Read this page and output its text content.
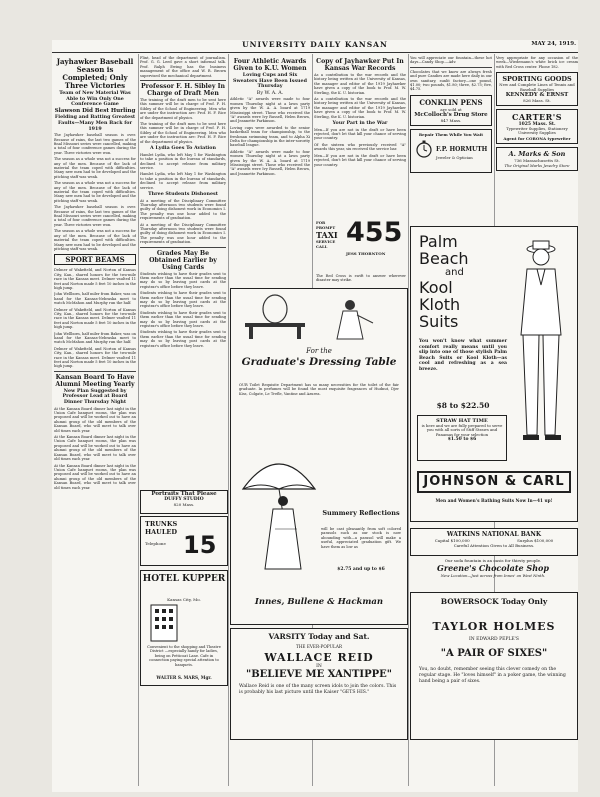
UNIVERSITY DAILY KANSAN	MAY 24, 1919.
Jayhawker Baseball Season is Completed; Only Three Victories
Team of New Material Was Able to Win Only One Conference Game
Slawson Did Best Hurling
Fielding and Batting Greatest Faults—Many Men Back for 1919

The Jayhawker baseball season is over. Because of rains, the last two games of the final Missouri series were cancelled, making a total of four conference games during the year. Three victories were won.

The season as a whole was not a success for any of the men. Because of the lack of material the team coped with difficulties. Many new men had to be developed and the pitching staff was weak.

The season as a whole was not a success for any of the men. Because of the lack of material the team coped with difficulties. Many new men had to be developed and the pitching staff was weak.

The Jayhawker baseball season is over. Because of rains, the last two games of the final Missouri series were cancelled, making a total of four conference games during the year. Three victories were won.

The season as a whole was not a success for any of the men. Because of the lack of material the team coped with difficulties. Many new men had to be developed and the pitching staff was weak.

SPORT BEAMS

Delmer of Wakefield, and Norton of Kansas City, Kan., shared honors for the two-mile race in the Kansas meet. Delmer vaulted 11 feet and Norton made 5 feet 10 inches in the high jump.

John Wellborn, half miler from Baker, was on hand for the Kansas-Nebraska meet to watch McMahon and Murphy run the half.

Delmer of Wakefield, and Norton of Kansas City, Kan., shared honors for the two-mile race in the Kansas meet. Delmer vaulted 11 feet and Norton made 5 feet 10 inches in the high jump.

John Wellborn, half miler from Baker, was on hand for the Kansas-Nebraska meet to watch McMahon and Murphy run the half.

Delmer of Wakefield, and Norton of Kansas City, Kan., shared honors for the two-mile race in the Kansas meet. Delmer vaulted 11 feet and Norton made 5 feet 10 inches in the high jump.

Kansan Board To Have Alumni Meeting Yearly
New Plan Suggested by Professor Lead at Board Dinner Thursday Night

At the Kansan Board dinner last night in the Union Cafe banquet rooms, the plan was proposed and will be worked out to have an alumni group of the old members of the Kansan Board, who will meet to talk over old times each year.

At the Kansan Board dinner last night in the Union Cafe banquet rooms, the plan was proposed and will be worked out to have an alumni group of the old members of the Kansan Board, who will meet to talk over old times each year.

At the Kansan Board dinner last night in the Union Cafe banquet rooms, the plan was proposed and will be worked out to have an alumni group of the old members of the Kansan Board, who will meet to talk over old times each year.

Flint, head of the department of journalism. Prof. G. G. Leed gave a short informal talk. Prof. Ralph Ewing has the business management of the office and W. R. Brown supervised the mechanical department.

Professor F. H. Sibley In Charge of Draft Men

The training of the draft men to be sent here this summer will be in charge of Prof. F. H. Sibley of the School of Engineering. Men who are under the instruction are: Prof. H. F. Rice of the department of physics.

The training of the draft men to be sent here this summer will be in charge of Prof. F. H. Sibley of the School of Engineering. Men who are under the instruction are: Prof. H. F. Rice of the department of physics.

A Lydia Goes To Aviation

Hamlet Lydia, who left May 1 for Washington to take a position in the bureau of standards, declined to accept release from military service.

Hamlet Lydia, who left May 1 for Washington to take a position in the bureau of standards, declined to accept release from military service.

Three Students Dishonest

At a meeting of the Disciplinary Committee Thursday afternoon two students were found guilty of doing dishonest work in Economics I. The penalty was one hour added to the requirements of graduation.

At a meeting of the Disciplinary Committee Thursday afternoon two students were found guilty of doing dishonest work in Economics I. The penalty was one hour added to the requirements of graduation.

Grades May Be Obtained Earlier by Using Cards

Students wishing to have their grades sent to them earlier than the usual time for sending may do so by leaving post cards at the registrar's office before they leave.

Students wishing to have their grades sent to them earlier than the usual time for sending may do so by leaving post cards at the registrar's office before they leave.

Students wishing to have their grades sent to them earlier than the usual time for sending may do so by leaving post cards at the registrar's office before they leave.

Students wishing to have their grades sent to them earlier than the usual time for sending may do so by leaving post cards at the registrar's office before they leave.

Four Athletic Awards Given to K.U. Women
Loving Cups and Six Sweaters Have Been Issued Thursday
By W. A. A.

Athletic "A" awards were made to four women Thursday night at a lawn party given by the W. A. A. board at 1719 Mississippi street. Those who received the "A" awards were Ivy Russell, Helen Brown, and Jeannette Parkinson.

Loving cups were awarded to the senior basketball team for championship, to the freshman swimming team, and to Alpha Xi Delta for championship in the inter-sorority baseball league.

Athletic "A" awards were made to four women Thursday night at a lawn party given by the W. A. A. board at 1719 Mississippi street. Those who received the "A" awards were Ivy Russell, Helen Brown, and Jeannette Parkinson.

Copy of Jayhawker Put In Kansas War Records

As a contribution to the war records and the history being written at the University of Kansas, the manager and editor of the 1919 Jayhawker have given a copy of the book to Prof. M. W. Sterling, the K. U. historian.

As a contribution to the war records and the history being written at the University of Kansas, the manager and editor of the 1919 Jayhawker have given a copy of the book to Prof. M. W. Sterling, the K. U. historian.

Your Part in the War

Men—If you are not in the draft or have been rejected, don't let that kill your chance of serving your country.

Of the sixteen who previously received "A" awards this year, six received the service bar.

Men—If you are not in the draft or have been rejected, don't let that kill your chance of serving your country.

FOR PROMPT
TAXI
SERVICE CALL 455
JESS THORNTON

The Red Cross is swift to answer wherever disaster may strike.

For the
Graduate's Dressing Table

OUR Toilet Requisite Department has so many necessities for the toilet of the fair graduate. In perfumes will be found the most exquisite fragrances of Hudnut, Djer Kiss, Colgate, Le Trefle, Vantine and Azurea.

Summery Reflections

will be cast pleasantly from soft colored parasols such as our stock is now abounding with—a parasol will make a useful, appreciated graduation gift. We have them as low as

$2.75 and up to $6
Innes, Bullene & Hackman

You will appreciate our fountain—these hot days—Candy Shop.—Adv.

Chocolates that we know are always fresh and pure Candies are made here daily in our own sanitary, sunlit factory—one pound, $1.00; two pounds, $1.80; three, $2.75; five, $4.75.

CONKLIN PENS
are sold at
McColloch's Drug Store
847 Mass.
Repair Them While You Wait
F.P. HORMUTH
Jeweler & Optician

Very appropriate for any occasion of the week—Wiedemann's white brick ice cream with Red Cross center. Phone 182.

SPORTING GOODS
New and Complete Lines of Tennis and Baseball Supplies
KENNEDY & ERNST
826 Mass. St.
CARTER'S
1025 Mass. St.
Typewriter Supplies, Stationery University Supplies
Agent for CORONA typewriter
A. Marks & Son
736 Massachusetts St.
The Original Marks Jewelry Store
Palm
Beach
and
Kool
Kloth
Suits

You won't know what summer comfort really means until you slip into one of those stylish Palm Beach Suits or Kool Kloth—as cool and refreshing as a sea breeze.

$8 to $22.50
STRAW HAT TIME
is here and we are fully prepared to serve you with all sorts of Stiff Straws and Panamas for your selection
$1.50 to $6
JOHNSON & CARL
Men and Women's Bathing Suits Now In—41 up!
Portraits That Please
DUFFY STUDIO
820 Mass.
TRUNKS HAULED
Telephone 15
HOTEL KUPPER
Kansas City, Mo.

Convenient to the shopping and Theatre District —especially handy for ladies, being on Petticoat Lane. Cafe in connection paying special attention to banquets.

WALTER S. MARS, Mgr.
WATKINS NATIONAL BANK
Capital $100,000	Surplus $100,000
Careful Attention Given to All Business.
Our soda fountain is an oasis for thirsty people.
Greene's Chocolate Shop
New Location—Just across from Innes' on West Ninth.
VARSITY Today and Sat.
THE EVER-POPULAR
WALLACE REID
IN
"BELIEVE ME XANTIPPE"
Wallace Reid is one of the many screen idols to join the colors. This is probably his last picture until the Kaiser "GETS HIS."
BOWERSOCK Today Only
TAYLOR HOLMES
IN EDWARD PEPLE'S
"A PAIR OF SIXES"
You, no doubt, remember seeing this clever comedy on the regular stage. He "loves himself" in a poker game, the winning hand being a pair of sixes.
